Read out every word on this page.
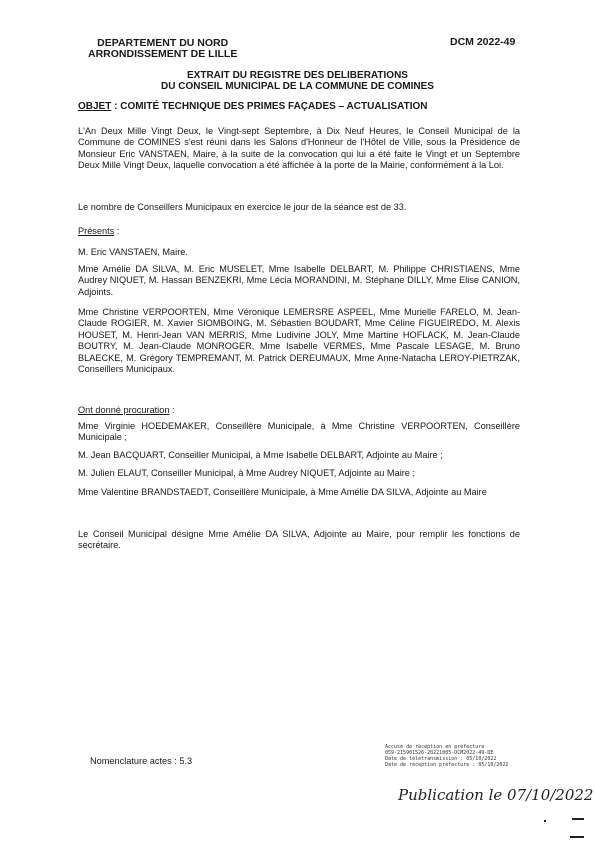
DEPARTEMENT DU NORD
ARRONDISSEMENT DE LILLE
DCM 2022-49
EXTRAIT DU REGISTRE DES DELIBERATIONS
DU CONSEIL MUNICIPAL DE LA COMMUNE DE COMINES
OBJET : COMITÉ TECHNIQUE DES PRIMES FAÇADES – ACTUALISATION
L'An Deux Mille Vingt Deux, le Vingt-sept Septembre, à Dix Neuf Heures, le Conseil Municipal de la Commune de COMINES s'est réuni dans les Salons d'Honneur de l'Hôtel de Ville, sous la Présidence de Monsieur Eric VANSTAEN, Maire, à la suite de la convocation qui lui a été faite le Vingt et un Septembre Deux Mille Vingt Deux, laquelle convocation a été affichée à la porte de la Mairie, conformément à la Loi.
Le nombre de Conseillers Municipaux en exercice le jour de la séance est de 33.
Présents :
M. Eric VANSTAEN, Maire.
Mme Amélie DA SILVA, M. Eric MUSELET, Mme Isabelle DELBART, M. Philippe CHRISTIAENS, Mme Audrey NIQUET, M. Hassan BENZEKRI, Mme Lécia MORANDINI, M. Stéphane DILLY, Mme Elise CANION, Adjoints.
Mme Christine VERPOORTEN, Mme Véronique LEMERSRE ASPEEL, Mme Murielle FARELO, M. Jean-Claude ROGIER, M. Xavier SIOMBOING, M. Sébastien BOUDART, Mme Céline FIGUEIREDO, M. Alexis HOUSET, M. Henri-Jean VAN MERRIS, Mme Ludivine JOLY, Mme Martine HOFLACK, M. Jean-Claude BOUTRY, M. Jean-Claude MONROGER, Mme Isabelle VERMES, Mme Pascale LESAGE, M. Bruno BLAECKE, M. Grégory TEMPREMANT, M. Patrick DEREUMAUX, Mme Anne-Natacha LEROY-PIETRZAK, Conseillers Municipaux.
Ont donné procuration :
Mme Virginie HOEDEMAKER, Conseillère Municipale, à Mme Christine VERPOORTEN, Conseillère Municipale ;
M. Jean BACQUART, Conseiller Municipal, à Mme Isabelle DELBART, Adjointe au Maire ;
M. Julien ELAUT, Conseiller Municipal, à Mme Audrey NIQUET, Adjointe au Maire ;
Mme Valentine BRANDSTAEDT, Conseillère Municipale, à Mme Amélie DA SILVA, Adjointe au Maire
Le Conseil Municipal désigne Mme Amélie DA SILVA, Adjointe au Maire, pour remplir les fonctions de secrétaire.
Nomenclature actes : 5.3
Accusé de réception en préfecture
059-215901526-20221005-DCM2022-49-DE
Date de télétransmission : 05/10/2022
Date de réception préfecture : 05/10/2022
Publication le 07/10/2022
